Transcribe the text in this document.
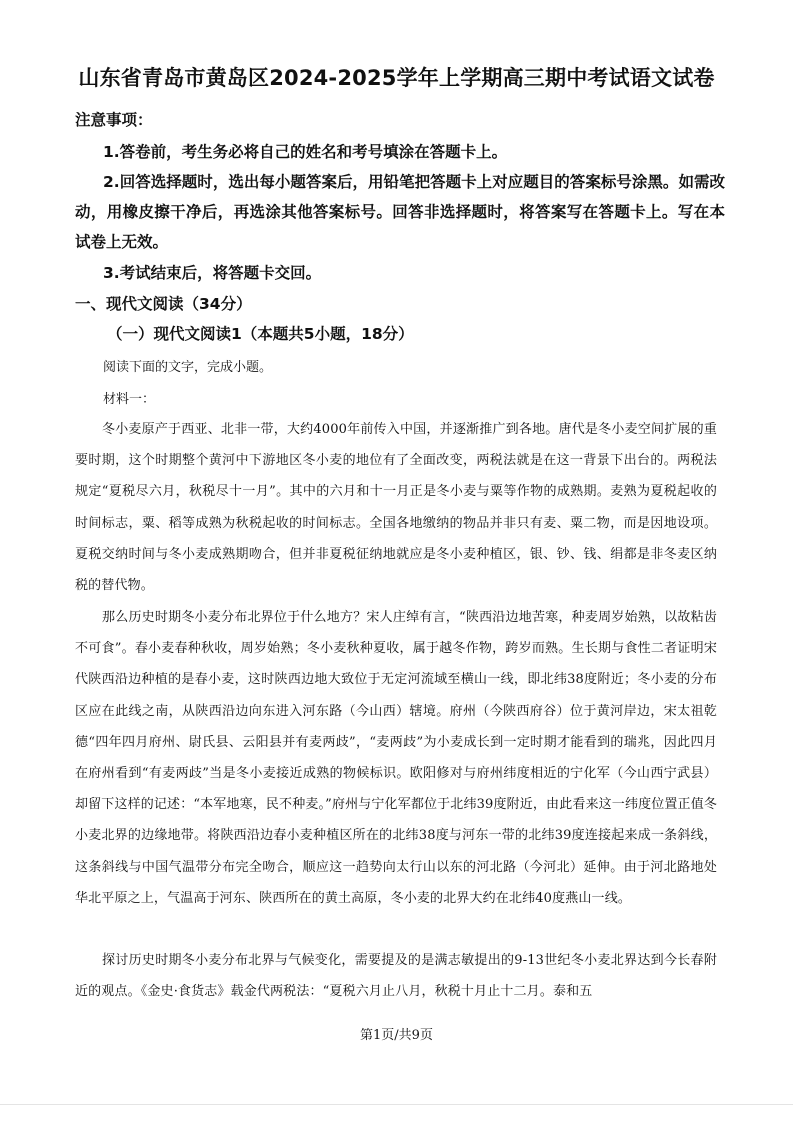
山东省青岛市黄岛区2024-2025学年上学期高三期中考试语文试卷
注意事项：
1.答卷前，考生务必将自己的姓名和考号填涂在答题卡上。
2.回答选择题时，选出每小题答案后，用铅笔把答题卡上对应题目的答案标号涂黑。如需改动，用橡皮擦干净后，再选涂其他答案标号。回答非选择题时，将答案写在答题卡上。写在本试卷上无效。
3.考试结束后，将答题卡交回。
一、现代文阅读（34分）
（一）现代文阅读1（本题共5小题，18分）
阅读下面的文字，完成小题。
材料一：
冬小麦原产于西亚、北非一带，大约4000年前传入中国，并逐渐推广到各地。唐代是冬小麦空间扩展的重要时期，这个时期整个黄河中下游地区冬小麦的地位有了全面改变，两税法就是在这一背景下出台的。两税法规定“夏税尽六月，秋税尽十一月”。其中的六月和十一月正是冬小麦与粟等作物的成熟期。麦熟为夏税起收的时间标志，粟、稻等成熟为秋税起收的时间标志。全国各地缴纳的物品并非只有麦、粟二物，而是因地设项。夏税交纳时间与冬小麦成熟期吻合，但并非夏税征纳地就应是冬小麦种植区，银、钞、钱、绢都是非冬麦区纳税的替代物。
那么历史时期冬小麦分布北界位于什么地方？宋人庄绰有言，“陕西沿边地苦寒，种麦周岁始熟，以故粘齿不可食”。春小麦春种秋收，周岁始熟；冬小麦秋种夏收，属于越冬作物，跨岁而熟。生长期与食性二者证明宋代陕西沿边种植的是春小麦，这时陕西边地大致位于无定河流域至横山一线，即北纬38度附近；冬小麦的分布区应在此线之南，从陕西沿边向东进入河东路（今山西）辖境。府州（今陕西府谷）位于黄河岸边，宋太祖乾德“四年四月府州、尉氏县、云阳县并有麦两歧”，“麦两歧”为小麦成长到一定时期才能看到的瑞兆，因此四月在府州看到“有麦两歧”当是冬小麦接近成熟的物候标识。欧阳修对与府州纬度相近的宁化军（今山西宁武县）却留下这样的记述：“本军地寒，民不种麦。”府州与宁化军都位于北纬39度附近，由此看来这一纬度位置正值冬小麦北界的边缘地带。将陕西沿边春小麦种植区所在的北纬38度与河东一带的北纬39度连接起来成一条斜线，这条斜线与中国气温带分布完全吻合，顺应这一趋势向太行山以东的河北路（今河北）延伸。由于河北路地处华北平原之上，气温高于河东、陕西所在的黄土高原，冬小麦的北界大约在北纬40度燕山一线。
探讨历史时期冬小麦分布北界与气候变化，需要提及的是满志敏提出的9-13世纪冬小麦北界达到今长春附近的观点。《金史·食货志》载金代两税法：“夏税六月止八月，秋税十月止十二月。泰和五
第1页/共9页
